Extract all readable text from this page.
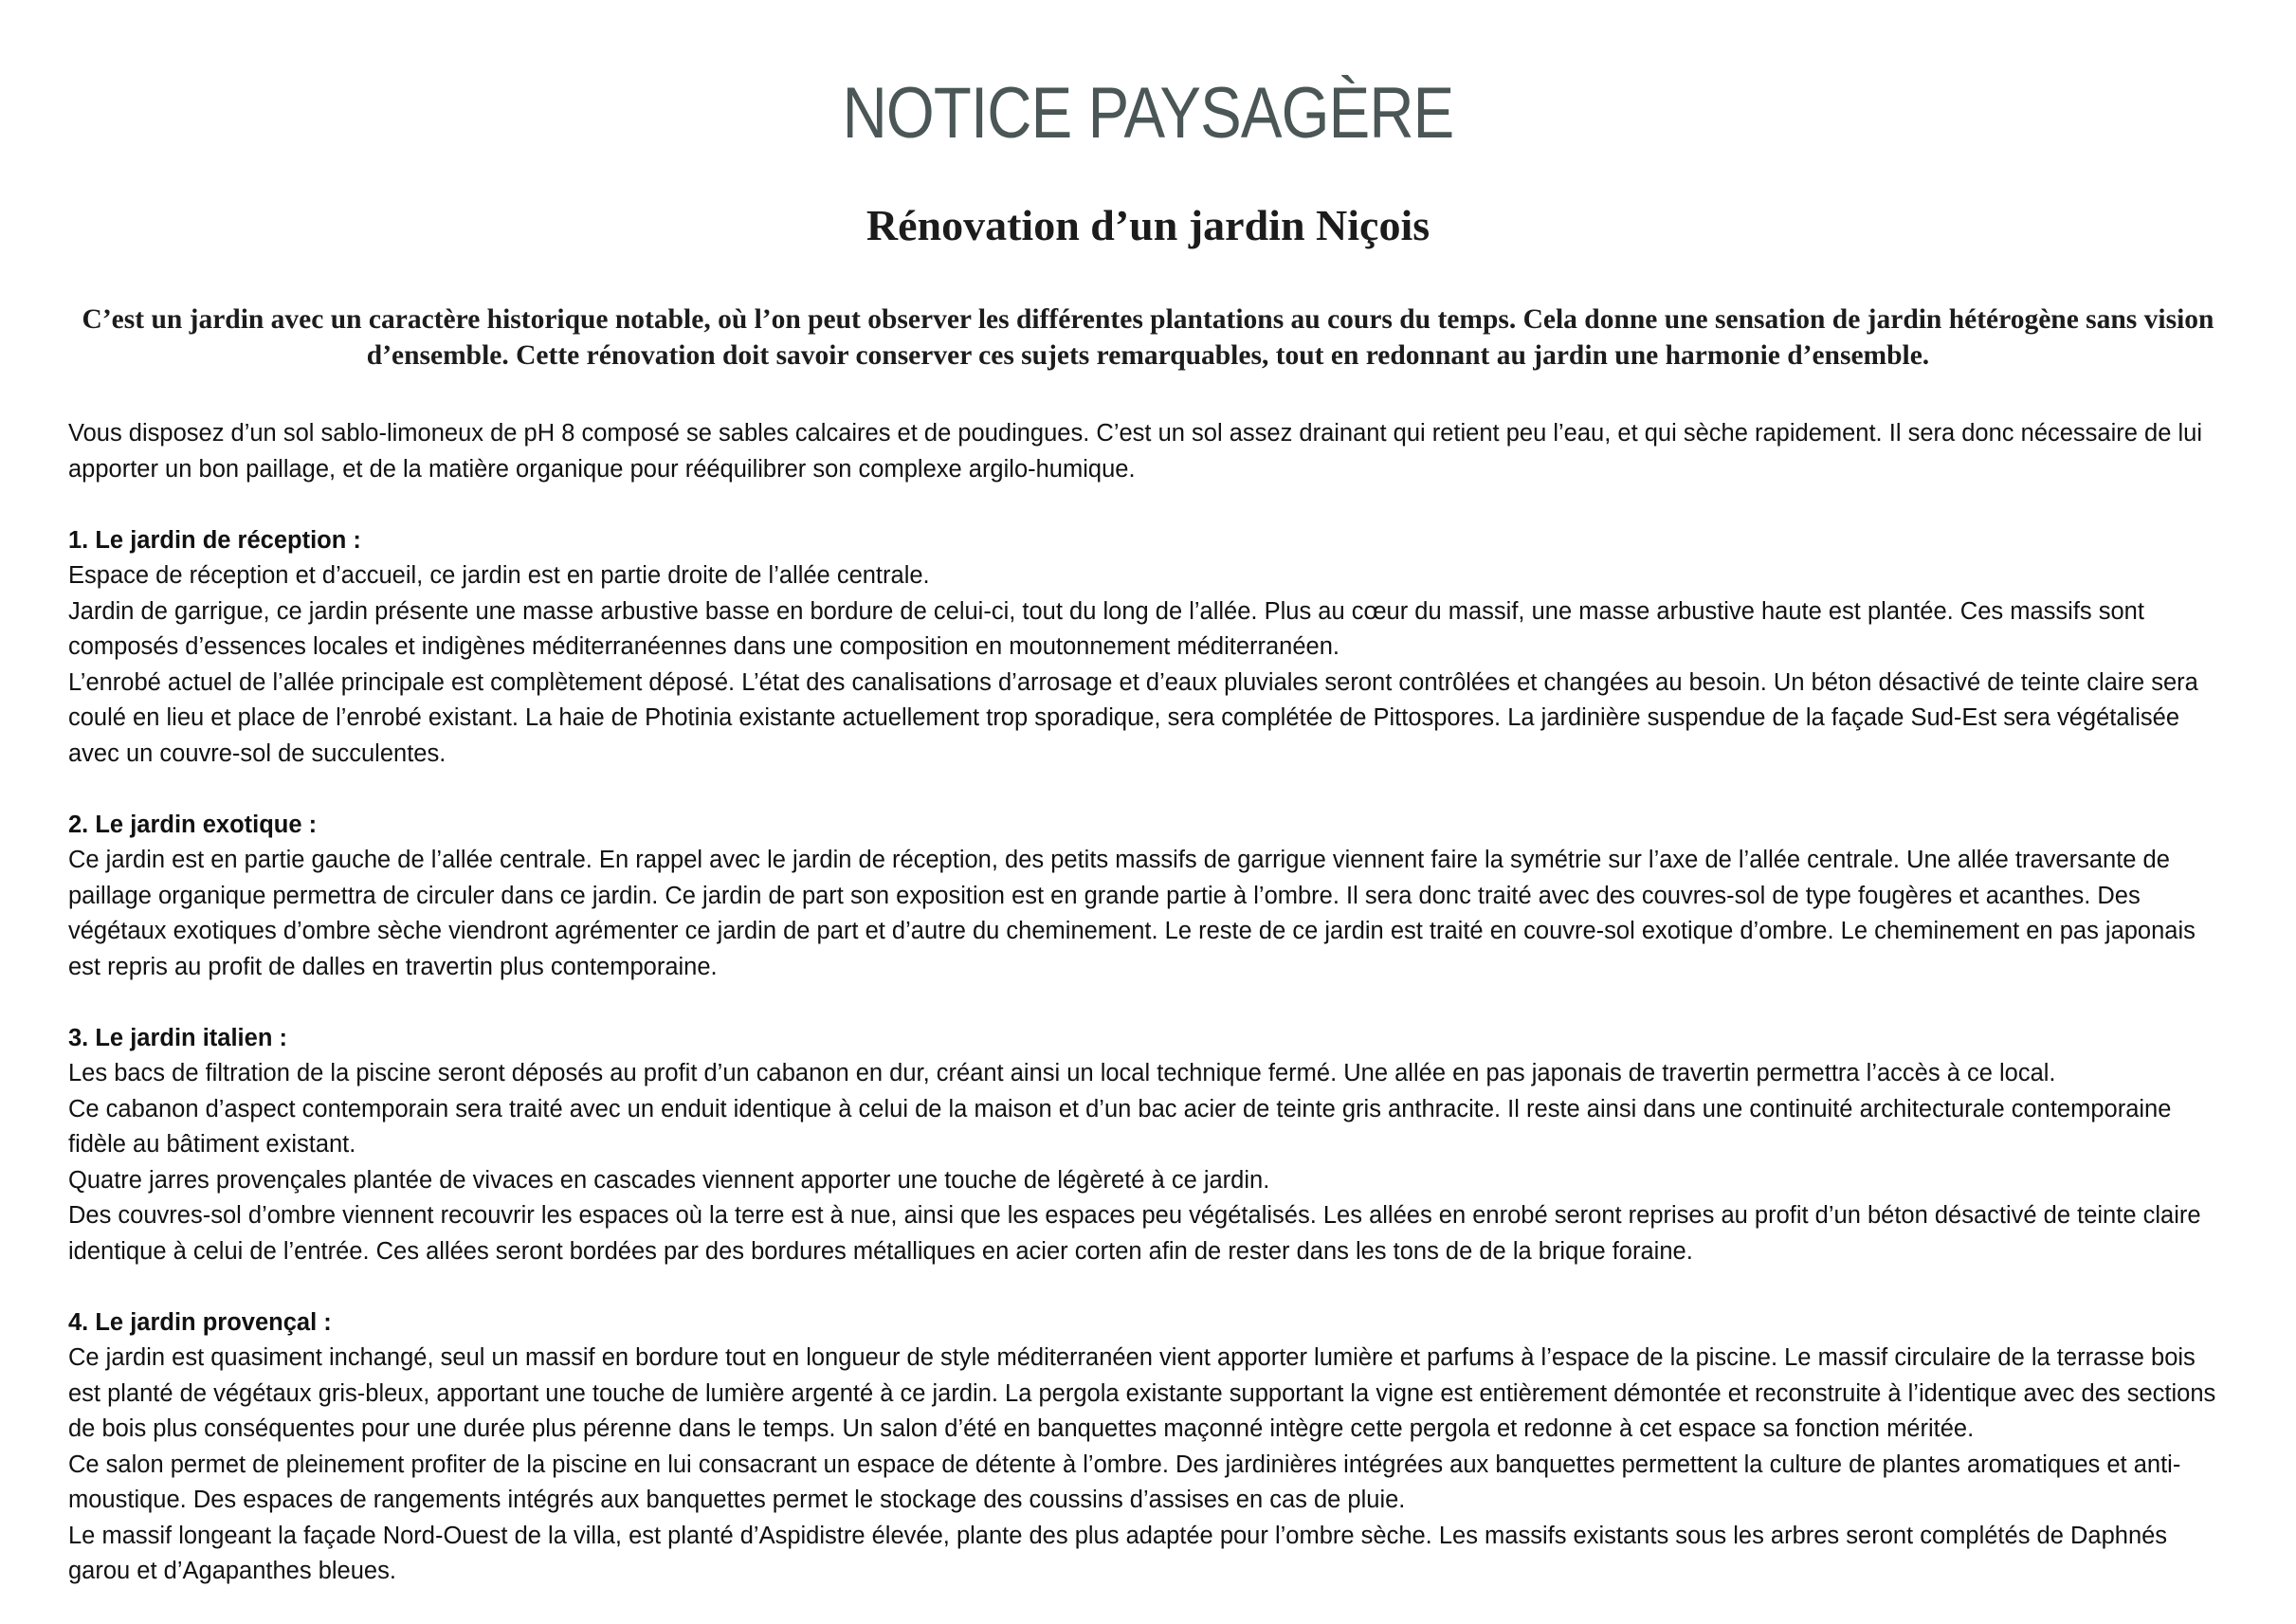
NOTICE PAYSAGÈRE
Rénovation d’un jardin Niçois
C’est un jardin avec un caractère historique notable, où l’on peut observer les différentes plantations au cours du temps. Cela donne une sensation de jardin hétérogène sans vision d’ensemble. Cette rénovation doit savoir conserver ces sujets remarquables, tout en redonnant au jardin une harmonie d’ensemble.

Vous disposez d’un sol sablo-limoneux de pH 8 composé se sables calcaires et de poudingues. C’est un sol assez drainant qui retient peu l’eau, et qui sèche rapidement. Il sera donc nécessaire de lui apporter un bon paillage, et de la matière organique pour rééquilibrer son complexe argilo-humique.

1. Le jardin de réception :

Espace de réception et d’accueil, ce jardin est en partie droite de l’allée centrale.

Jardin de garrigue, ce jardin présente une masse arbustive basse en bordure de celui-ci, tout du long de l’allée. Plus au cœur du massif, une masse arbustive haute est plantée. Ces massifs sont composés d’essences locales et indigènes méditerranéennes dans une composition en moutonnement méditerranéen.

L’enrobé actuel de l’allée principale est complètement déposé. L’état des canalisations d’arrosage et d’eaux pluviales seront contrôlées et changées au besoin. Un béton désactivé de teinte claire sera coulé en lieu et place de l’enrobé existant. La haie de Photinia existante actuellement trop sporadique, sera complétée de Pittospores. La jardinière suspendue de la façade Sud-Est sera végétalisée avec un couvre-sol de succulentes.

2. Le jardin exotique :

Ce jardin est en partie gauche de l’allée centrale. En rappel avec le jardin de réception, des petits massifs de garrigue viennent faire la symétrie sur l’axe de l’allée centrale. Une allée traversante de paillage organique permettra de circuler dans ce jardin. Ce jardin de part son exposition est en grande partie à l’ombre. Il sera donc traité avec des couvres-sol de type fougères et acanthes. Des végétaux exotiques d’ombre sèche viendront agrémenter ce jardin de part et d’autre du cheminement. Le reste de ce jardin est traité en couvre-sol exotique d’ombre. Le cheminement en pas japonais est repris au profit de dalles en travertin plus contemporaine.

3. Le jardin italien :

Les bacs de filtration de la piscine seront déposés au profit d’un cabanon en dur, créant ainsi un local technique fermé. Une allée en pas japonais de travertin permettra l’accès à ce local.

Ce cabanon d’aspect contemporain sera traité avec un enduit identique à celui de la maison et d’un bac acier de teinte gris anthracite. Il reste ainsi dans une continuité architecturale contemporaine fidèle au bâtiment existant.

Quatre jarres provençales plantée de vivaces en cascades viennent apporter une touche de légèreté à ce jardin.

Des couvres-sol d’ombre viennent recouvrir les espaces où la terre est à nue, ainsi que les espaces peu végétalisés. Les allées en enrobé seront reprises au profit d’un béton désactivé de teinte claire identique à celui de l’entrée. Ces allées seront bordées par des bordures métalliques en acier corten afin de rester dans les tons de de la brique foraine.

4. Le jardin provençal :

Ce jardin est quasiment inchangé, seul un massif en bordure tout en longueur de style méditerranéen vient apporter lumière et parfums à l’espace de la piscine. Le massif circulaire de la terrasse bois est planté de végétaux gris-bleux, apportant une touche de lumière argenté à ce jardin. La pergola existante supportant la vigne est entièrement démontée et reconstruite à l’identique avec des sections de bois plus conséquentes pour une durée plus pérenne dans le temps. Un salon d’été en banquettes maçonné intègre cette pergola et redonne à cet espace sa fonction méritée.

Ce salon permet de pleinement profiter de la piscine en lui consacrant un espace de détente à l’ombre. Des jardinières intégrées aux banquettes permettent la culture de plantes aromatiques et anti-moustique. Des espaces de rangements intégrés aux banquettes permet le stockage des coussins d’assises en cas de pluie.

Le massif longeant la façade Nord-Ouest de la villa, est planté d’Aspidistre élevée, plante des plus adaptée pour l’ombre sèche. Les massifs existants sous les arbres seront complétés de Daphnés garou et d’Agapanthes bleues.
